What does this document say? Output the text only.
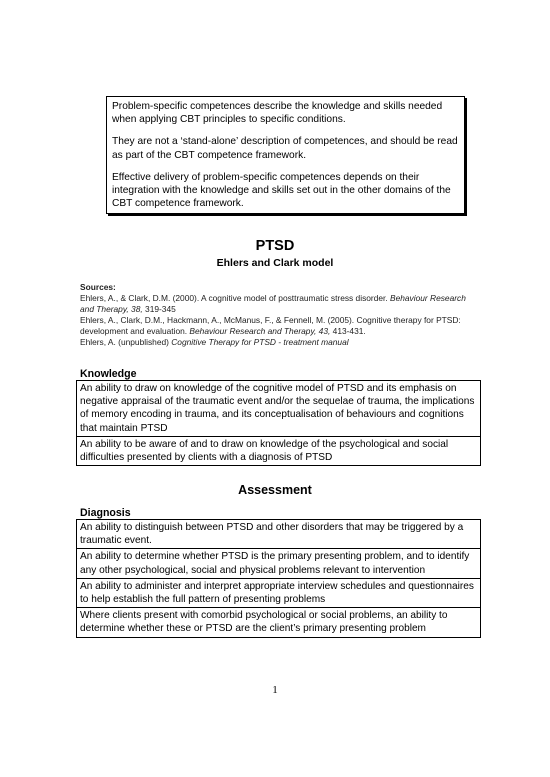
Problem-specific competences describe the knowledge and skills needed when applying CBT principles to specific conditions.

They are not a ‘stand-alone’ description of competences, and should be read as part of the CBT competence framework.

Effective delivery of problem-specific competences depends on their integration with the knowledge and skills set out in the other domains of the CBT competence framework.

PTSD
Ehlers and Clark model
Sources:
Ehlers, A., & Clark, D.M. (2000). A cognitive model of posttraumatic stress disorder. Behaviour Research and Therapy, 38, 319-345
Ehlers, A., Clark, D.M., Hackmann, A., McManus, F., & Fennell, M. (2005). Cognitive therapy for PTSD: development and evaluation. Behaviour Research and Therapy, 43, 413-431.
Ehlers, A. (unpublished) Cognitive Therapy for PTSD - treatment manual
Knowledge
An ability to draw on knowledge of the cognitive model of PTSD and its emphasis on negative appraisal of the traumatic event and/or the sequelae of trauma, the implications of memory encoding in trauma, and its conceptualisation of behaviours and cognitions that maintain PTSD
An ability to be aware of and to draw on knowledge of the psychological and social difficulties presented by clients with a diagnosis of PTSD
Assessment
Diagnosis
An ability to distinguish between PTSD and other disorders that may be triggered by a traumatic event.
An ability to determine whether PTSD is the primary presenting problem, and to identify any other psychological, social and physical problems relevant to intervention
An ability to administer and interpret appropriate interview schedules and questionnaires to help establish the full pattern of presenting problems
Where clients present with comorbid psychological or social problems, an ability to determine whether these or PTSD are the client’s primary presenting problem
1
